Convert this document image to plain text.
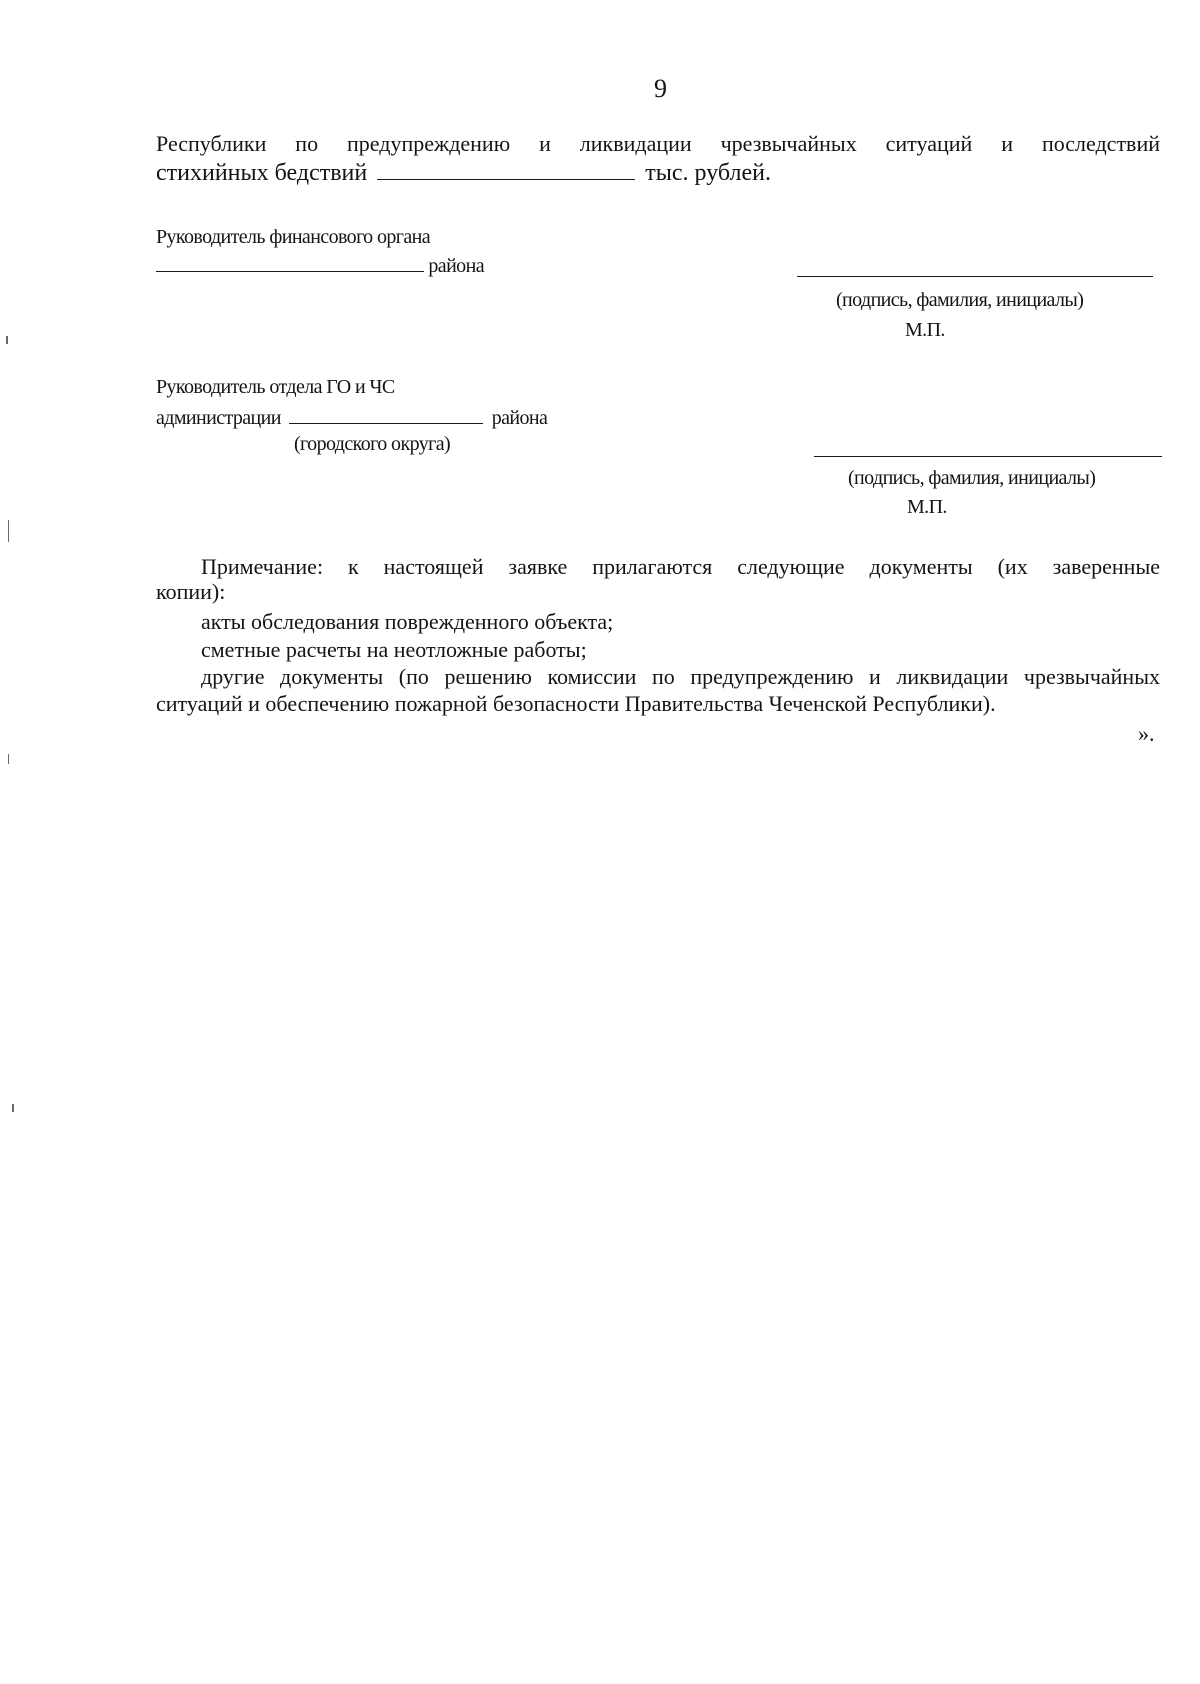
9
Республики по предупреждению и ликвидации чрезвычайных ситуаций и последствий
стихийных бедствий	тыс. рублей.
Руководитель финансового органа
района
(подпись, фамилия, инициалы)
М.П.
Руководитель отдела ГО и ЧС
администрации	района
(городского округа)
(подпись, фамилия, инициалы)
М.П.
Примечание: к настоящей заявке прилагаются следующие документы (их заверенные
копии):
акты обследования поврежденного объекта;
сметные расчеты на неотложные работы;
другие документы (по решению комиссии по предупреждению и ликвидации чрезвычайных
ситуаций и обеспечению пожарной безопасности Правительства Чеченской Республики).
».
